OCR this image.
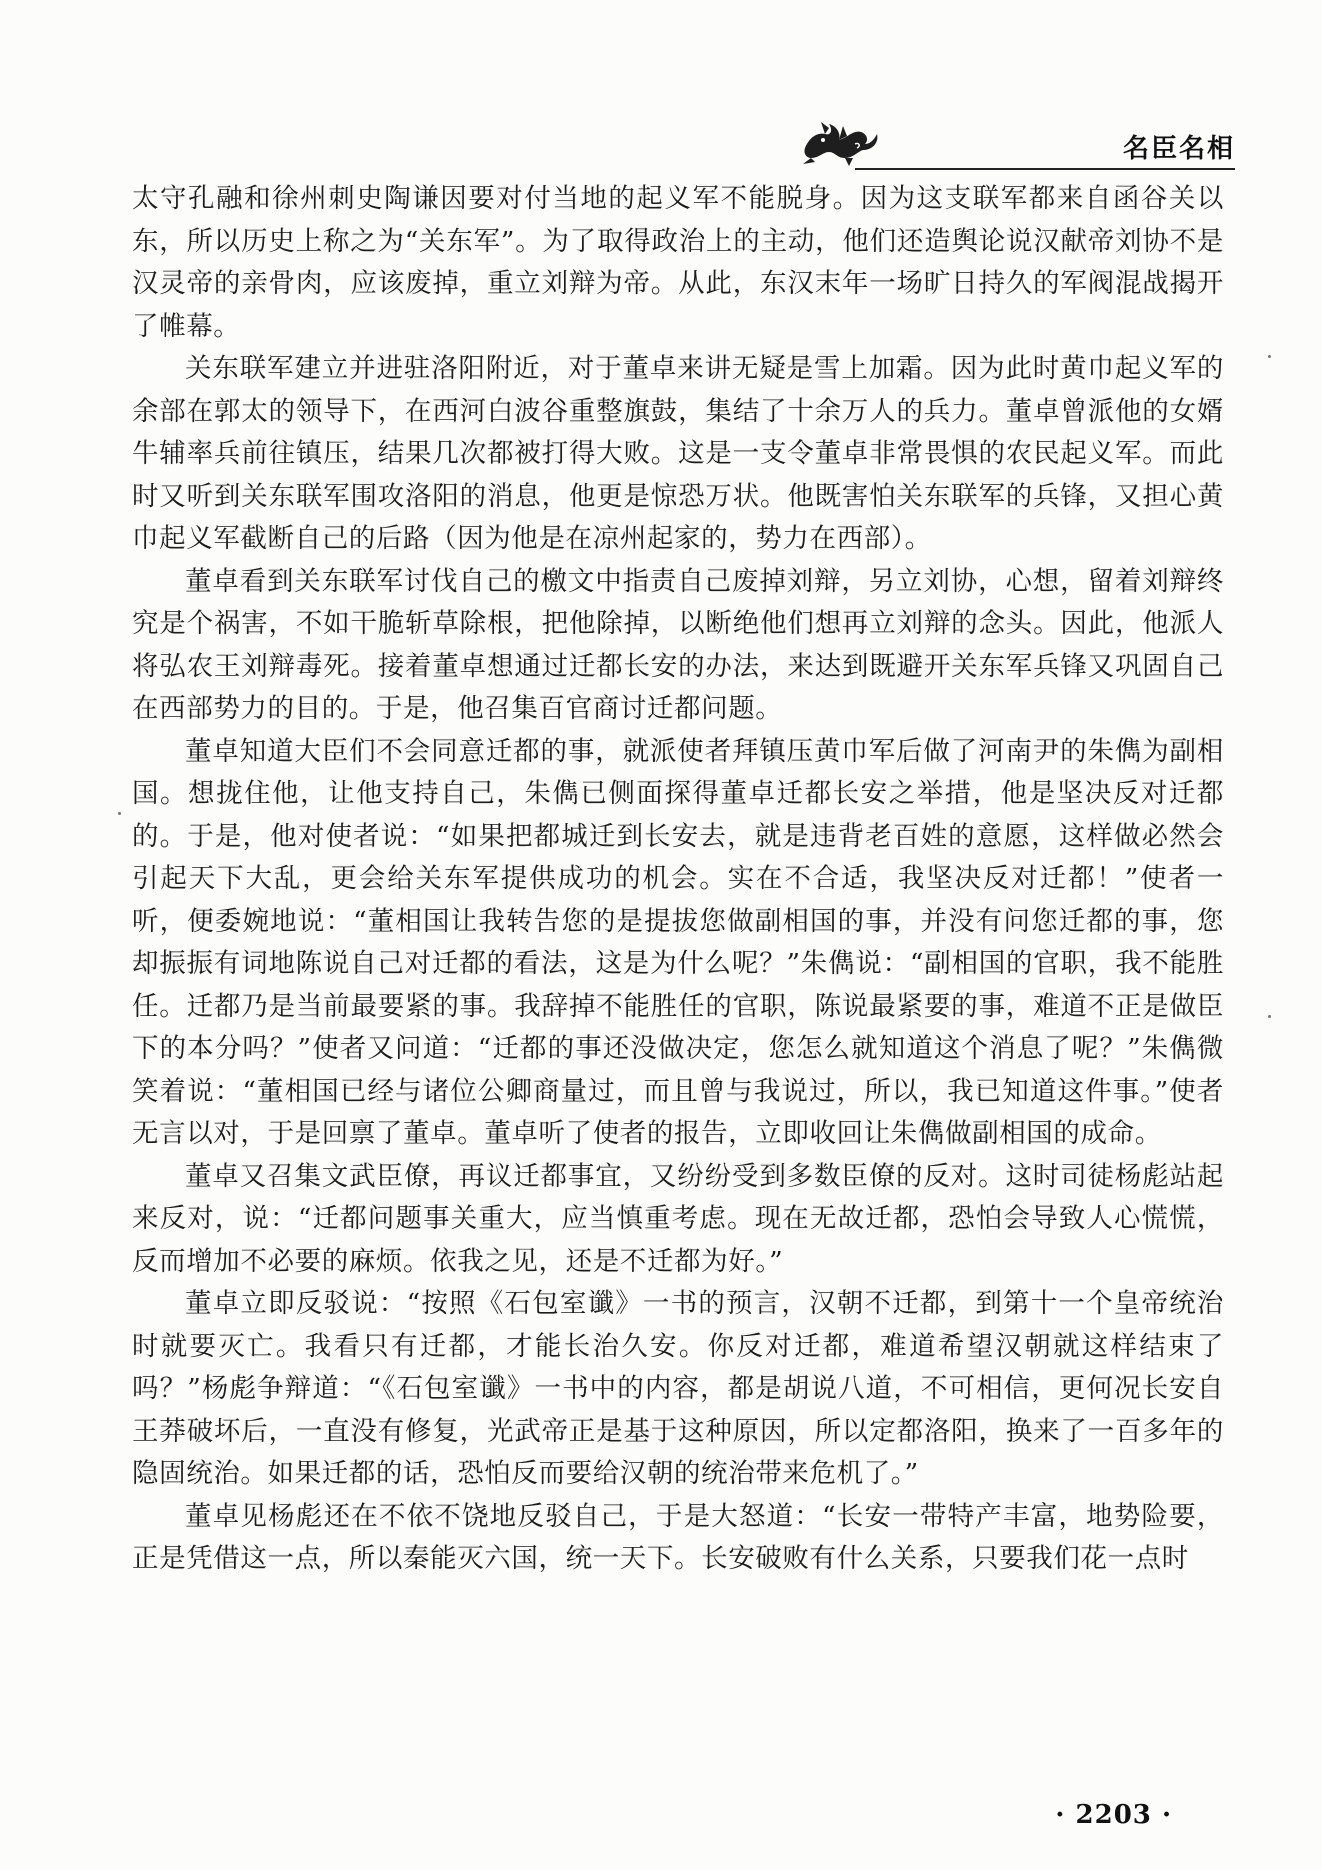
名臣名相

太守孔融和徐州刺史陶谦因要对付当地的起义军不能脱身。因为这支联军都来自函谷关以东，所以历史上称之为“关东军”。为了取得政治上的主动，他们还造舆论说汉献帝刘协不是汉灵帝的亲骨肉，应该废掉，重立刘辩为帝。从此，东汉末年一场旷日持久的军阀混战揭开了帷幕。

关东联军建立并进驻洛阳附近，对于董卓来讲无疑是雪上加霜。因为此时黄巾起义军的余部在郭太的领导下，在西河白波谷重整旗鼓，集结了十余万人的兵力。董卓曾派他的女婿牛辅率兵前往镇压，结果几次都被打得大败。这是一支令董卓非常畏惧的农民起义军。而此时又听到关东联军围攻洛阳的消息，他更是惊恐万状。他既害怕关东联军的兵锋，又担心黄巾起义军截断自己的后路（因为他是在凉州起家的，势力在西部）。

董卓看到关东联军讨伐自己的檄文中指责自己废掉刘辩，另立刘协，心想，留着刘辩终究是个祸害，不如干脆斩草除根，把他除掉，以断绝他们想再立刘辩的念头。因此，他派人将弘农王刘辩毒死。接着董卓想通过迁都长安的办法，来达到既避开关东军兵锋又巩固自己在西部势力的目的。于是，他召集百官商讨迁都问题。

董卓知道大臣们不会同意迁都的事，就派使者拜镇压黄巾军后做了河南尹的朱儁为副相国。想拢住他，让他支持自己，朱儁已侧面探得董卓迁都长安之举措，他是坚决反对迁都的。于是，他对使者说：“如果把都城迁到长安去，就是违背老百姓的意愿，这样做必然会引起天下大乱，更会给关东军提供成功的机会。实在不合适，我坚决反对迁都！”使者一听，便委婉地说：“董相国让我转告您的是提拔您做副相国的事，并没有问您迁都的事，您却振振有词地陈说自己对迁都的看法，这是为什么呢？”朱儁说：“副相国的官职，我不能胜任。迁都乃是当前最要紧的事。我辞掉不能胜任的官职，陈说最紧要的事，难道不正是做臣下的本分吗？”使者又问道：“迁都的事还没做决定，您怎么就知道这个消息了呢？”朱儁微笑着说：“董相国已经与诸位公卿商量过，而且曾与我说过，所以，我已知道这件事。”使者无言以对，于是回禀了董卓。董卓听了使者的报告，立即收回让朱儁做副相国的成命。

董卓又召集文武臣僚，再议迁都事宜，又纷纷受到多数臣僚的反对。这时司徒杨彪站起来反对，说：“迁都问题事关重大，应当慎重考虑。现在无故迁都，恐怕会导致人心慌慌，反而增加不必要的麻烦。依我之见，还是不迁都为好。”

董卓立即反驳说：“按照《石包室谶》一书的预言，汉朝不迁都，到第十一个皇帝统治时就要灭亡。我看只有迁都，才能长治久安。你反对迁都，难道希望汉朝就这样结束了吗？”杨彪争辩道：“《石包室谶》一书中的内容，都是胡说八道，不可相信，更何况长安自王莽破坏后，一直没有修复，光武帝正是基于这种原因，所以定都洛阳，换来了一百多年的隐固统治。如果迁都的话，恐怕反而要给汉朝的统治带来危机了。”

董卓见杨彪还在不依不饶地反驳自己，于是大怒道：“长安一带特产丰富，地势险要，正是凭借这一点，所以秦能灭六国，统一天下。长安破败有什么关系，只要我们花一点时

· 2203 ·
